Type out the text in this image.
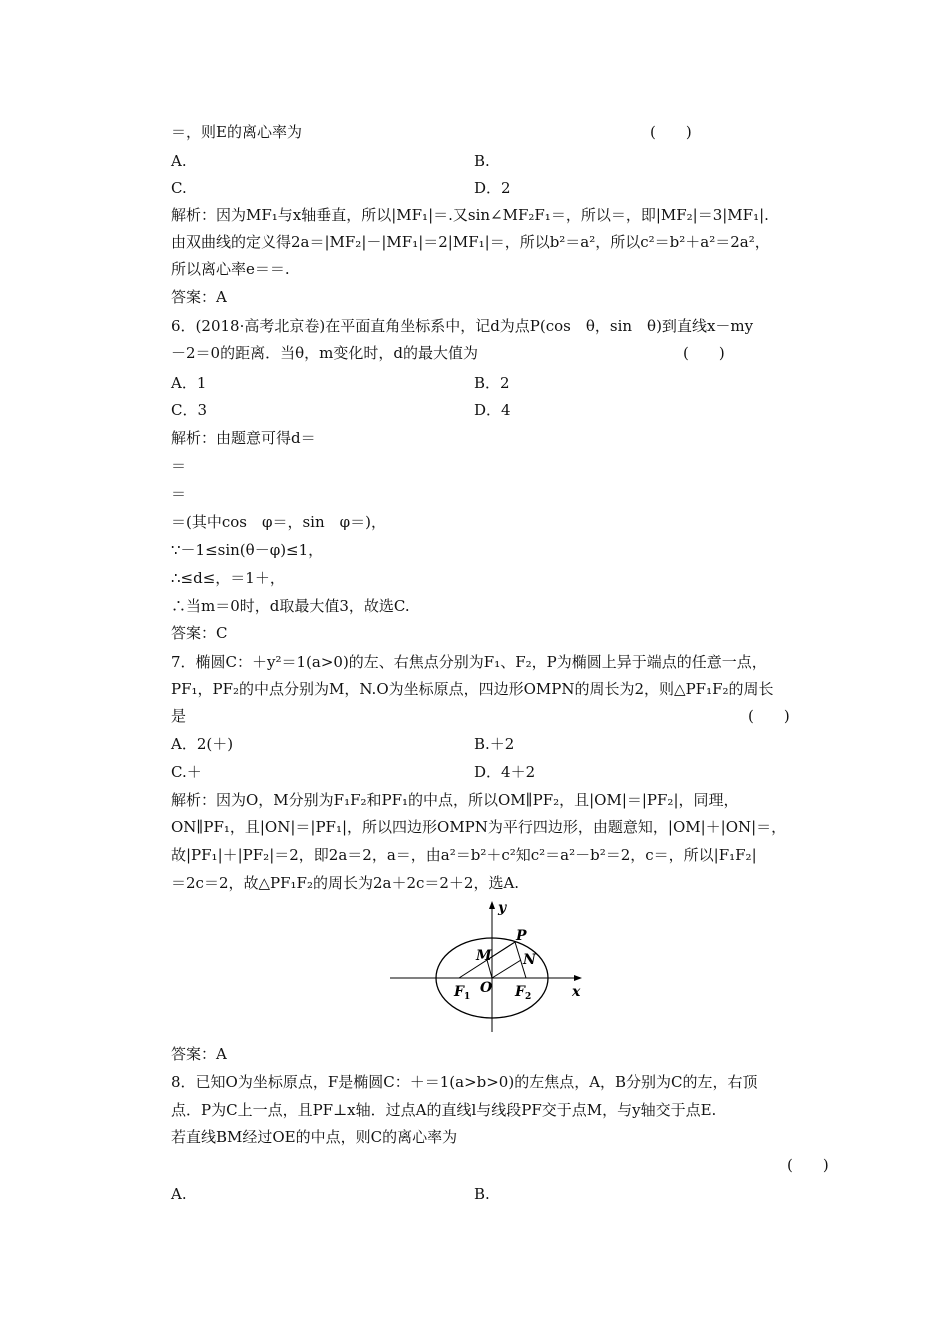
＝，则E的离心率为	(　　)
A.	B.
C.	D．2
解析：因为MF₁与x轴垂直，所以|MF₁|＝.又sin∠MF₂F₁＝，所以＝，即|MF₂|＝3|MF₁|.
由双曲线的定义得2a＝|MF₂|－|MF₁|＝2|MF₁|＝，所以b²＝a²，所以c²＝b²＋a²＝2a²，
所以离心率e＝＝.
答案：A
6．(2018·高考北京卷)在平面直角坐标系中，记d为点P(cos　θ，sin　θ)到直线x－my
－2＝0的距离．当θ，m变化时，d的最大值为	(　　)
A．1	B．2
C．3	D．4
解析：由题意可得d＝
＝
＝
＝(其中cos　φ＝，sin　φ＝)，
∵－1≤sin(θ－φ)≤1，
∴≤d≤，＝1＋，
∴当m＝0时，d取最大值3，故选C.
答案：C
7．椭圆C：＋y²＝1(a>0)的左、右焦点分别为F₁、F₂，P为椭圆上异于端点的任意一点，
PF₁，PF₂的中点分别为M，N.O为坐标原点，四边形OMPN的周长为2，则△PF₁F₂的周长
是	(　　)
A．2(＋)	B.＋2
C.＋	D．4＋2
解析：因为O，M分别为F₁F₂和PF₁的中点，所以OM∥PF₂，且|OM|＝|PF₂|，同理，
ON∥PF₁，且|ON|＝|PF₁|，所以四边形OMPN为平行四边形，由题意知，|OM|＋|ON|＝，
故|PF₁|＋|PF₂|＝2，即2a＝2，a＝，由a²＝b²＋c²知c²＝a²－b²＝2，c＝，所以|F₁F₂|
＝2c＝2，故△PF₁F₂的周长为2a＋2c＝2＋2，选A.
y
x
P
M N
O
$F_1$	$F_2$
答案：A
8．已知O为坐标原点，F是椭圆C：＋＝1(a>b>0)的左焦点，A，B分别为C的左，右顶
点．P为C上一点，且PF⊥x轴．过点A的直线l与线段PF交于点M，与y轴交于点E.
若直线BM经过OE的中点，则C的离心率为
(　　)
A.	B.
